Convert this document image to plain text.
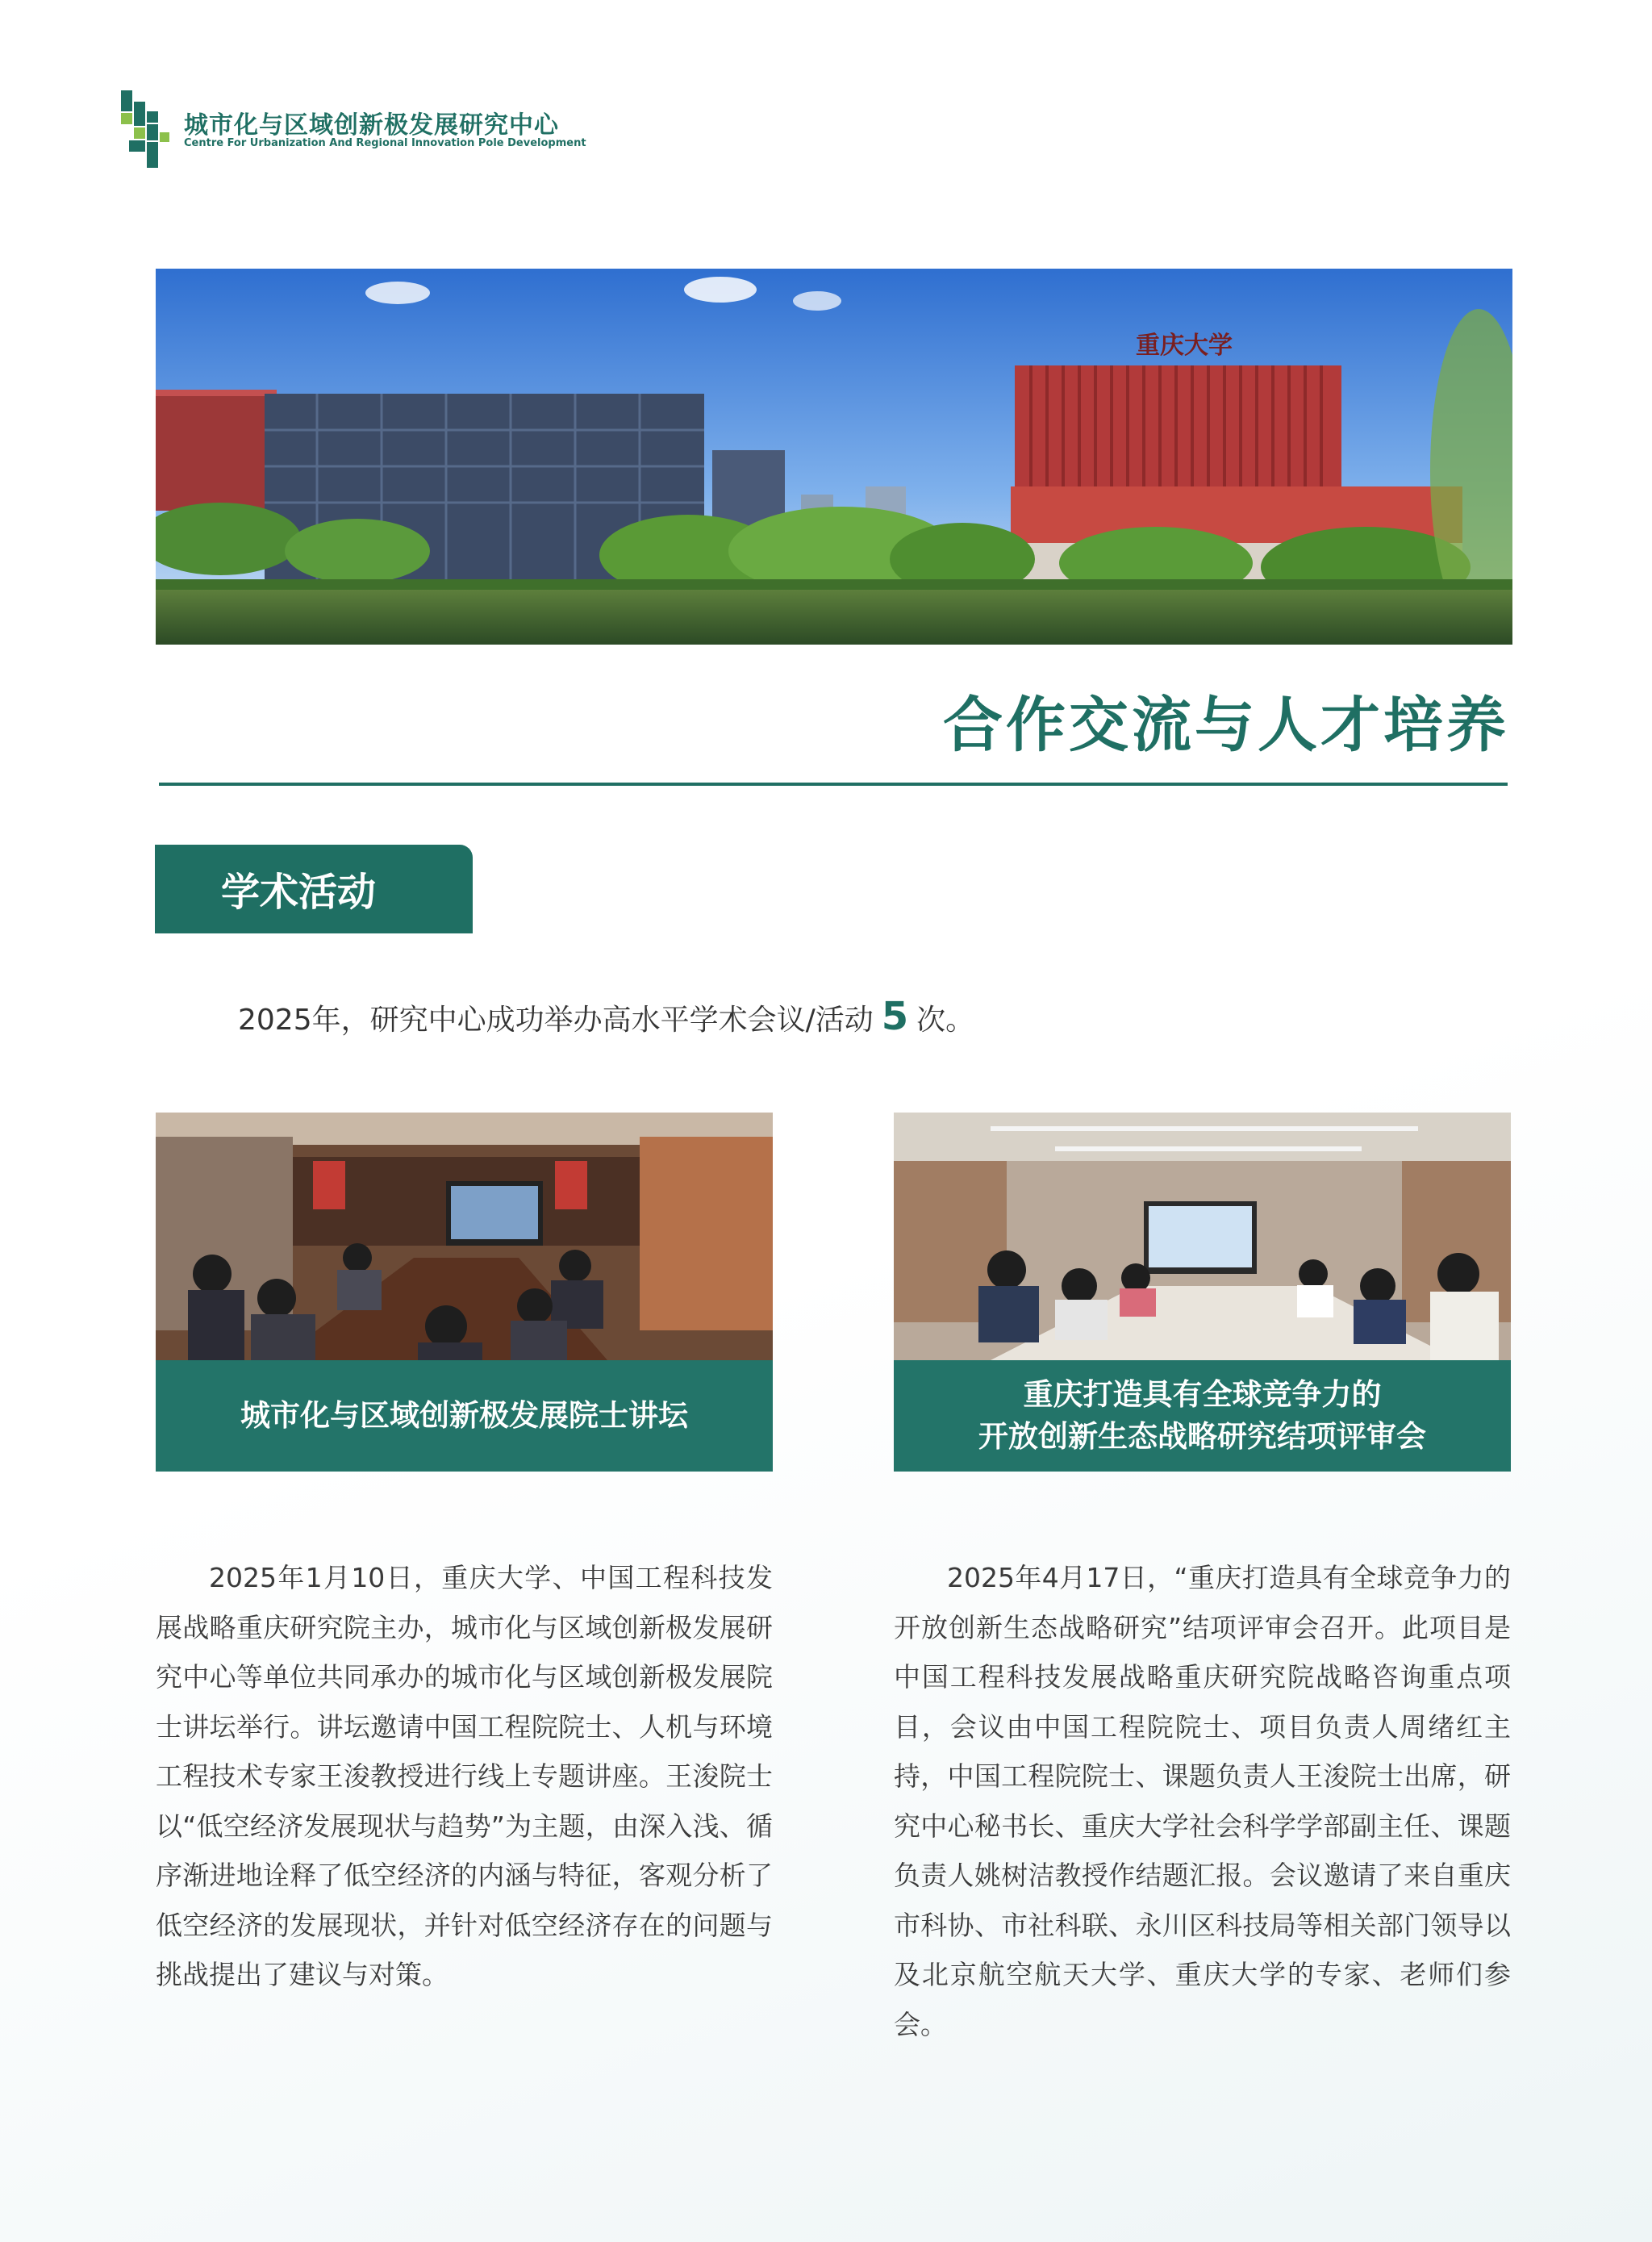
城市化与区域创新极发展研究中心
Centre For Urbanization And Regional Innovation Pole Development
重庆大学
合作交流与人才培养
学术活动
2025年，研究中心成功举办高水平学术会议/活动 5 次。
城市化与区域创新极发展院士讲坛
重庆打造具有全球竞争力的
开放创新生态战略研究结项评审会

2025年1月10日，重庆大学、中国工程科技发展战略重庆研究院主办，城市化与区域创新极发展研究中心等单位共同承办的城市化与区域创新极发展院士讲坛举行。讲坛邀请中国工程院院士、人机与环境工程技术专家王浚教授进行线上专题讲座。王浚院士以“低空经济发展现状与趋势”为主题，由深入浅、循序渐进地诠释了低空经济的内涵与特征，客观分析了低空经济的发展现状，并针对低空经济存在的问题与挑战提出了建议与对策。

2025年4月17日，“重庆打造具有全球竞争力的开放创新生态战略研究”结项评审会召开。此项目是中国工程科技发展战略重庆研究院战略咨询重点项目，会议由中国工程院院士、项目负责人周绪红主持，中国工程院院士、课题负责人王浚院士出席，研究中心秘书长、重庆大学社会科学学部副主任、课题负责人姚树洁教授作结题汇报。会议邀请了来自重庆市科协、市社科联、永川区科技局等相关部门领导以及北京航空航天大学、重庆大学的专家、老师们参会。
